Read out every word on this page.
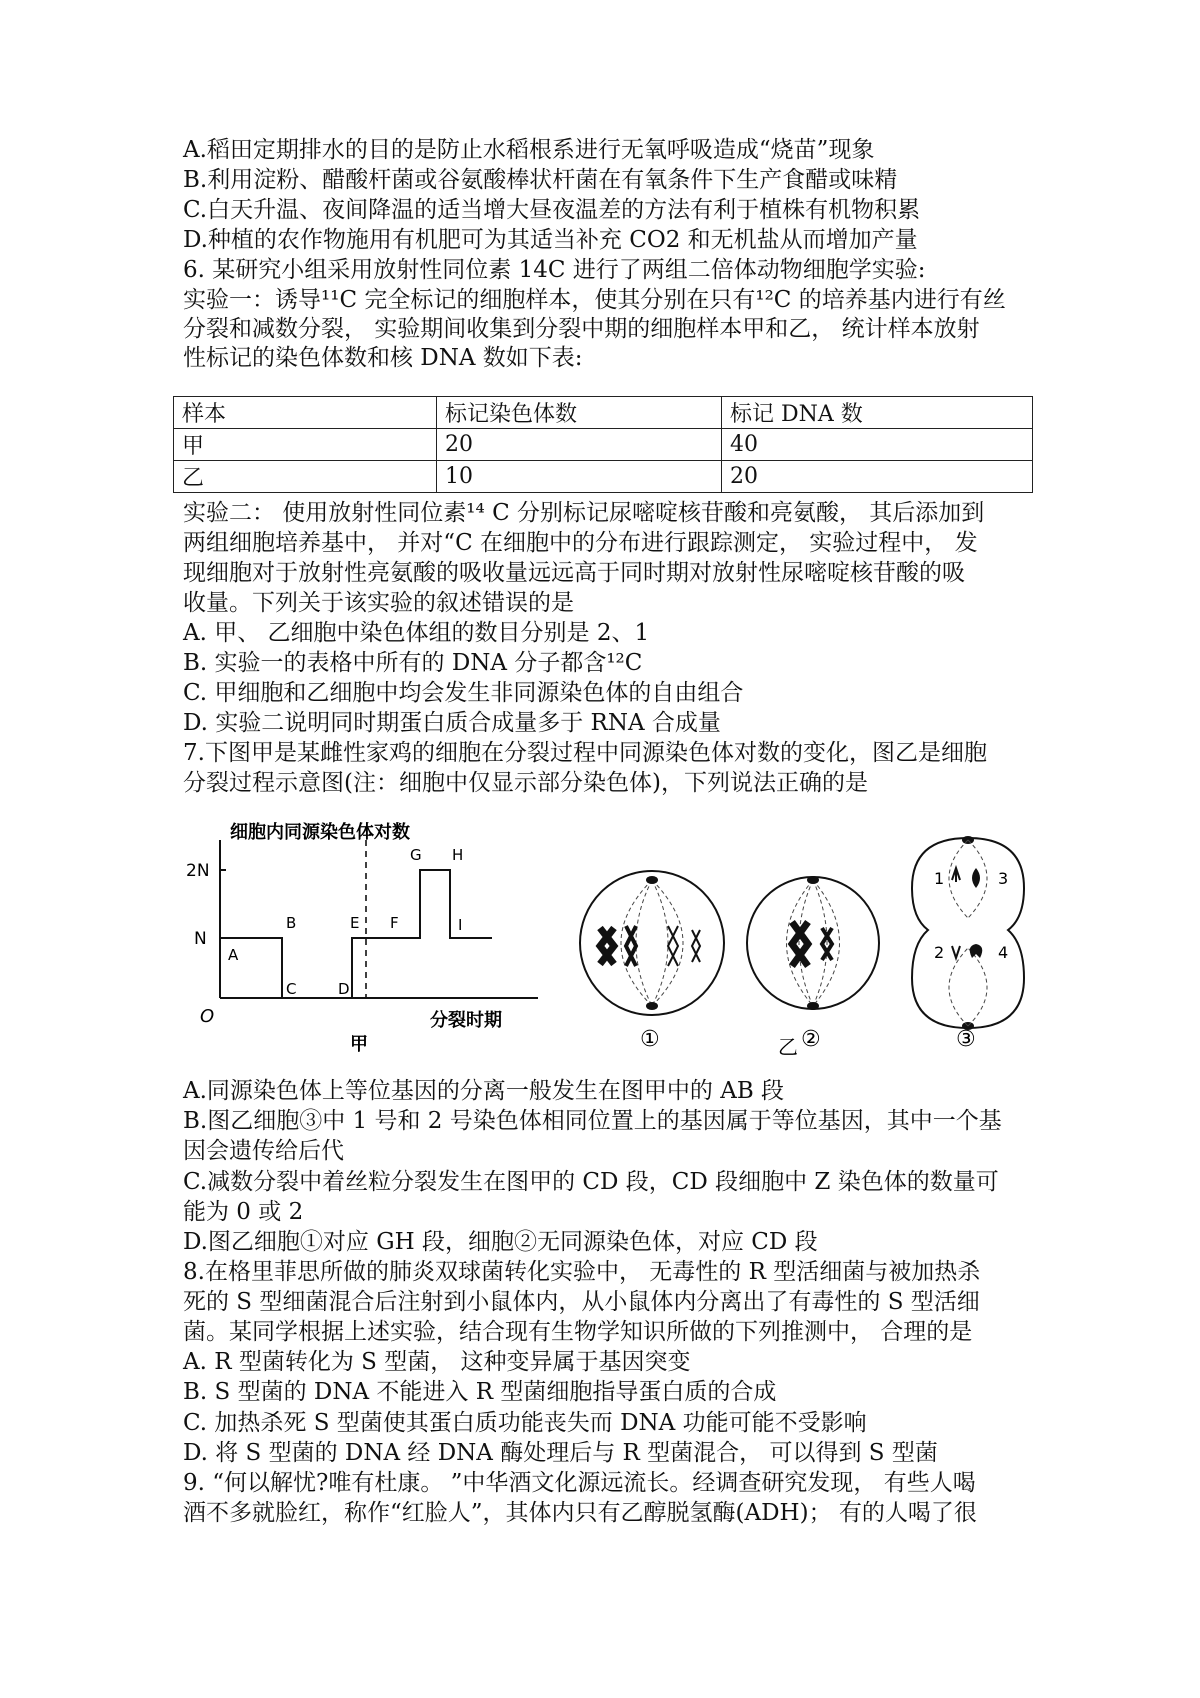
A.稻田定期排水的目的是防止水稻根系进行无氧呼吸造成“烧苗”现象
B.利用淀粉、醋酸杆菌或谷氨酸棒状杆菌在有氧条件下生产食醋或味精
C.白天升温、夜间降温的适当增大昼夜温差的方法有利于植株有机物积累
D.种植的农作物施用有机肥可为其适当补充 CO2 和无机盐从而增加产量
6. 某研究小组采用放射性同位素 14C 进行了两组二倍体动物细胞学实验:
实验一：诱导¹¹C 完全标记的细胞样本，使其分别在只有¹²C 的培养基内进行有丝
分裂和减数分裂， 实验期间收集到分裂中期的细胞样本甲和乙， 统计样本放射
性标记的染色体数和核 DNA 数如下表:
样本	标记染色体数	标记 DNA 数
甲	20	40
乙	10	20
实验二： 使用放射性同位素¹⁴ C 分别标记尿嘧啶核苷酸和亮氨酸， 其后添加到
两组细胞培养基中， 并对“C 在细胞中的分布进行跟踪测定， 实验过程中， 发
现细胞对于放射性亮氨酸的吸收量远远高于同时期对放射性尿嘧啶核苷酸的吸
收量。下列关于该实验的叙述错误的是
A. 甲、 乙细胞中染色体组的数目分别是 2、1
B. 实验一的表格中所有的 DNA 分子都含¹²C
C. 甲细胞和乙细胞中均会发生非同源染色体的自由组合
D. 实验二说明同时期蛋白质合成量多于 RNA 合成量
7.下图甲是某雌性家鸡的细胞在分裂过程中同源染色体对数的变化，图乙是细胞
分裂过程示意图(注：细胞中仅显示部分染色体)，下列说法正确的是
细胞内同源染色体对数
2N
N
O	分裂时期
A
B
C	D
E F
G H
I
甲	①	②
1
2
3
4
③
乙
A.同源染色体上等位基因的分离一般发生在图甲中的 AB 段
B.图乙细胞③中 1 号和 2 号染色体相同位置上的基因属于等位基因，其中一个基
因会遗传给后代
C.减数分裂中着丝粒分裂发生在图甲的 CD 段，CD 段细胞中 Z 染色体的数量可
能为 0 或 2
D.图乙细胞①对应 GH 段，细胞②无同源染色体，对应 CD 段
8.在格里菲思所做的肺炎双球菌转化实验中， 无毒性的 R 型活细菌与被加热杀
死的 S 型细菌混合后注射到小鼠体内，从小鼠体内分离出了有毒性的 S 型活细
菌。某同学根据上述实验，结合现有生物学知识所做的下列推测中， 合理的是
A. R 型菌转化为 S 型菌， 这种变异属于基因突变
B. S 型菌的 DNA 不能进入 R 型菌细胞指导蛋白质的合成
C. 加热杀死 S 型菌使其蛋白质功能丧失而 DNA 功能可能不受影响
D. 将 S 型菌的 DNA 经 DNA 酶处理后与 R 型菌混合， 可以得到 S 型菌
9. “何以解忧?唯有杜康。 ”中华酒文化源远流长。经调查研究发现， 有些人喝
酒不多就脸红，称作“红脸人”，其体内只有乙醇脱氢酶(ADH)； 有的人喝了很
